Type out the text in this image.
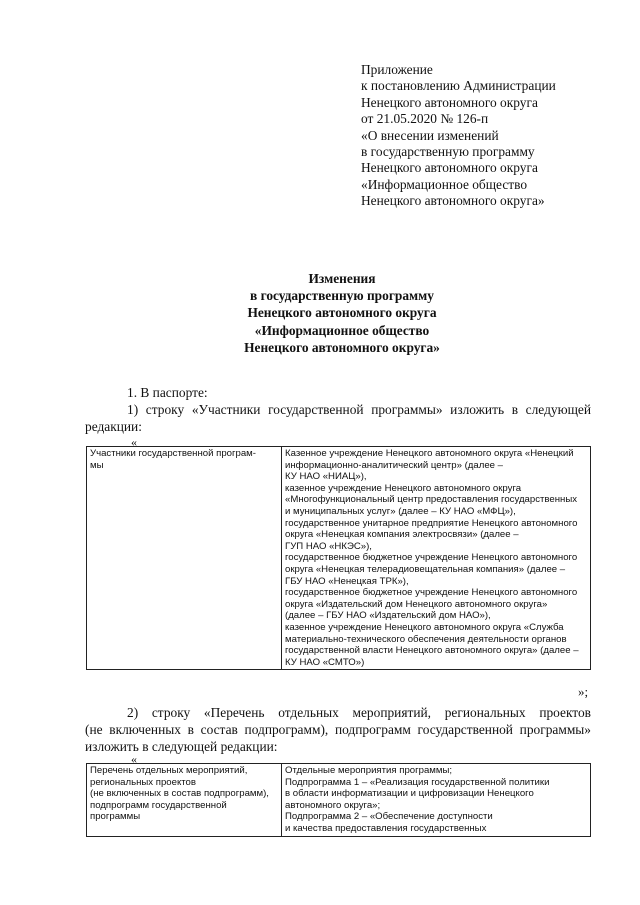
Приложение
к постановлению Администрации
Ненецкого автономного округа
от 21.05.2020 № 126-п
«О внесении изменений
в государственную программу
Ненецкого автономного округа
«Информационное общество
Ненецкого автономного округа»
Изменения
в государственную программу
Ненецкого автономного округа
«Информационное общество
Ненецкого автономного округа»
1. В паспорте:
1) строку «Участники государственной программы» изложить в следующей
редакции:
«
Участники государственной програм-
мы

Казенное учреждение Ненецкого автономного округа «Ненецкий
информационно-аналитический центр» (далее –
КУ НАО «НИАЦ»),
казенное учреждение Ненецкого автономного округа
«Многофункциональный центр предоставления государственных
и муниципальных услуг» (далее – КУ НАО «МФЦ»),
государственное унитарное предприятие Ненецкого автономного
округа «Ненецкая компания электросвязи» (далее –
ГУП НАО «НКЭС»),
государственное бюджетное учреждение Ненецкого автономного
округа «Ненецкая телерадиовещательная компания» (далее –
ГБУ НАО «Ненецкая ТРК»),
государственное бюджетное учреждение Ненецкого автономного
округа «Издательский дом Ненецкого автономного округа»
(далее – ГБУ НАО «Издательский дом НАО»),
казенное учреждение Ненецкого автономного округа «Служба
материально-технического обеспечения деятельности органов
государственной власти Ненецкого автономного округа» (далее –
КУ НАО «СМТО»)
»;
2) строку «Перечень отдельных мероприятий, региональных проектов
(не включенных в состав подпрограмм), подпрограмм государственной программы»
изложить в следующей редакции:
«
Перечень отдельных мероприятий,
региональных проектов
(не включенных в состав подпрограмм),
подпрограмм государственной
программы

Отдельные мероприятия программы;
Подпрограмма 1 – «Реализация государственной политики
в области информатизации и цифровизации Ненецкого
автономного округа»;
Подпрограмма 2 – «Обеспечение доступности
и качества предоставления государственных
